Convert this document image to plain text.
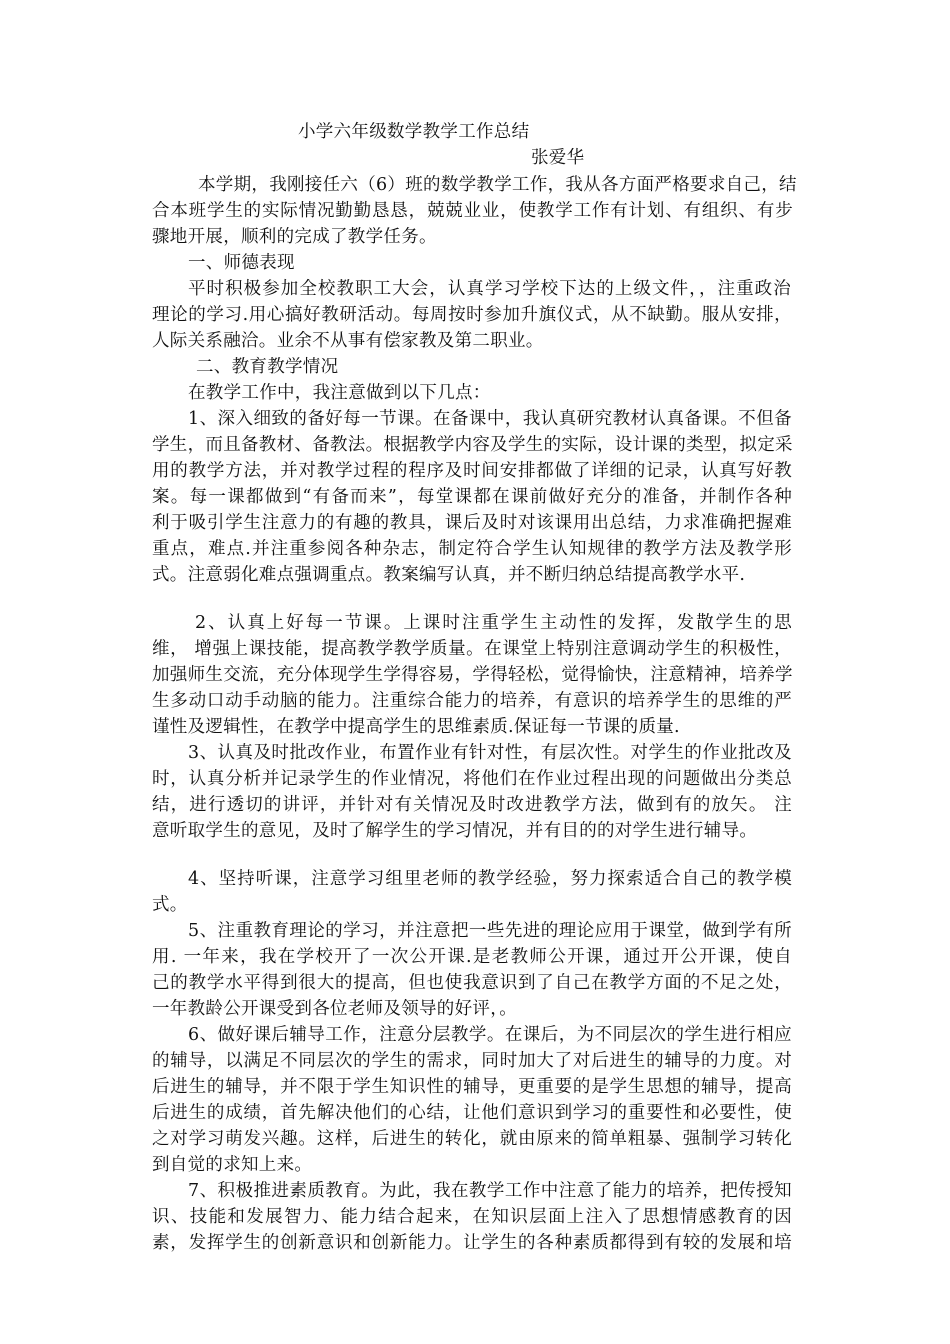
小学六年级数学教学工作总结
张爱华
本学期，我刚接任六（6）班的数学教学工作，我从各方面严格要求自己，结
合本班学生的实际情况勤勤恳恳，兢兢业业，使教学工作有计划、有组织、有步
骤地开展，顺利的完成了教学任务。
一、师德表现
平时积极参加全校教职工大会，认真学习学校下达的上级文件，，注重政治
理论的学习.用心搞好教研活动。每周按时参加升旗仪式，从不缺勤。服从安排，
人际关系融洽。业余不从事有偿家教及第二职业。
二、教育教学情况
在教学工作中，我注意做到以下几点：
1、深入细致的备好每一节课。在备课中，我认真研究教材认真备课。不但备
学生，而且备教材、备教法。根据教学内容及学生的实际，设计课的类型，拟定采
用的教学方法，并对教学过程的程序及时间安排都做了详细的记录，认真写好教
案。每一课都做到“有备而来”，每堂课都在课前做好充分的准备，并制作各种
利于吸引学生注意力的有趣的教具，课后及时对该课用出总结，力求准确把握难
重点，难点.并注重参阅各种杂志，制定符合学生认知规律的教学方法及教学形
式。注意弱化难点强调重点。教案编写认真，并不断归纳总结提高教学水平.
2、认真上好每一节课。上课时注重学生主动性的发挥，发散学生的思
维， 增强上课技能，提高教学教学质量。在课堂上特别注意调动学生的积极性，
加强师生交流，充分体现学生学得容易，学得轻松，觉得愉快，注意精神，培养学
生多动口动手动脑的能力。注重综合能力的培养，有意识的培养学生的思维的严
谨性及逻辑性，在教学中提高学生的思维素质.保证每一节课的质量.
3、认真及时批改作业，布置作业有针对性，有层次性。对学生的作业批改及
时，认真分析并记录学生的作业情况，将他们在作业过程出现的问题做出分类总
结，进行透切的讲评，并针对有关情况及时改进教学方法，做到有的放矢。 注
意听取学生的意见，及时了解学生的学习情况，并有目的的对学生进行辅导。
4、坚持听课，注意学习组里老师的教学经验，努力探索适合自己的教学模
式。
5、注重教育理论的学习，并注意把一些先进的理论应用于课堂，做到学有所
用. 一年来，我在学校开了一次公开课.是老教师公开课，通过开公开课，使自
己的教学水平得到很大的提高，但也使我意识到了自己在教学方面的不足之处，
一年教龄公开课受到各位老师及领导的好评，。
6、做好课后辅导工作，注意分层教学。在课后，为不同层次的学生进行相应
的辅导，以满足不同层次的学生的需求，同时加大了对后进生的辅导的力度。对
后进生的辅导，并不限于学生知识性的辅导，更重要的是学生思想的辅导，提高
后进生的成绩，首先解决他们的心结，让他们意识到学习的重要性和必要性，使
之对学习萌发兴趣。这样，后进生的转化，就由原来的简单粗暴、强制学习转化
到自觉的求知上来。
7、积极推进素质教育。为此，我在教学工作中注意了能力的培养，把传授知
识、技能和发展智力、能力结合起来，在知识层面上注入了思想情感教育的因
素，发挥学生的创新意识和创新能力。让学生的各种素质都得到有较的发展和培
